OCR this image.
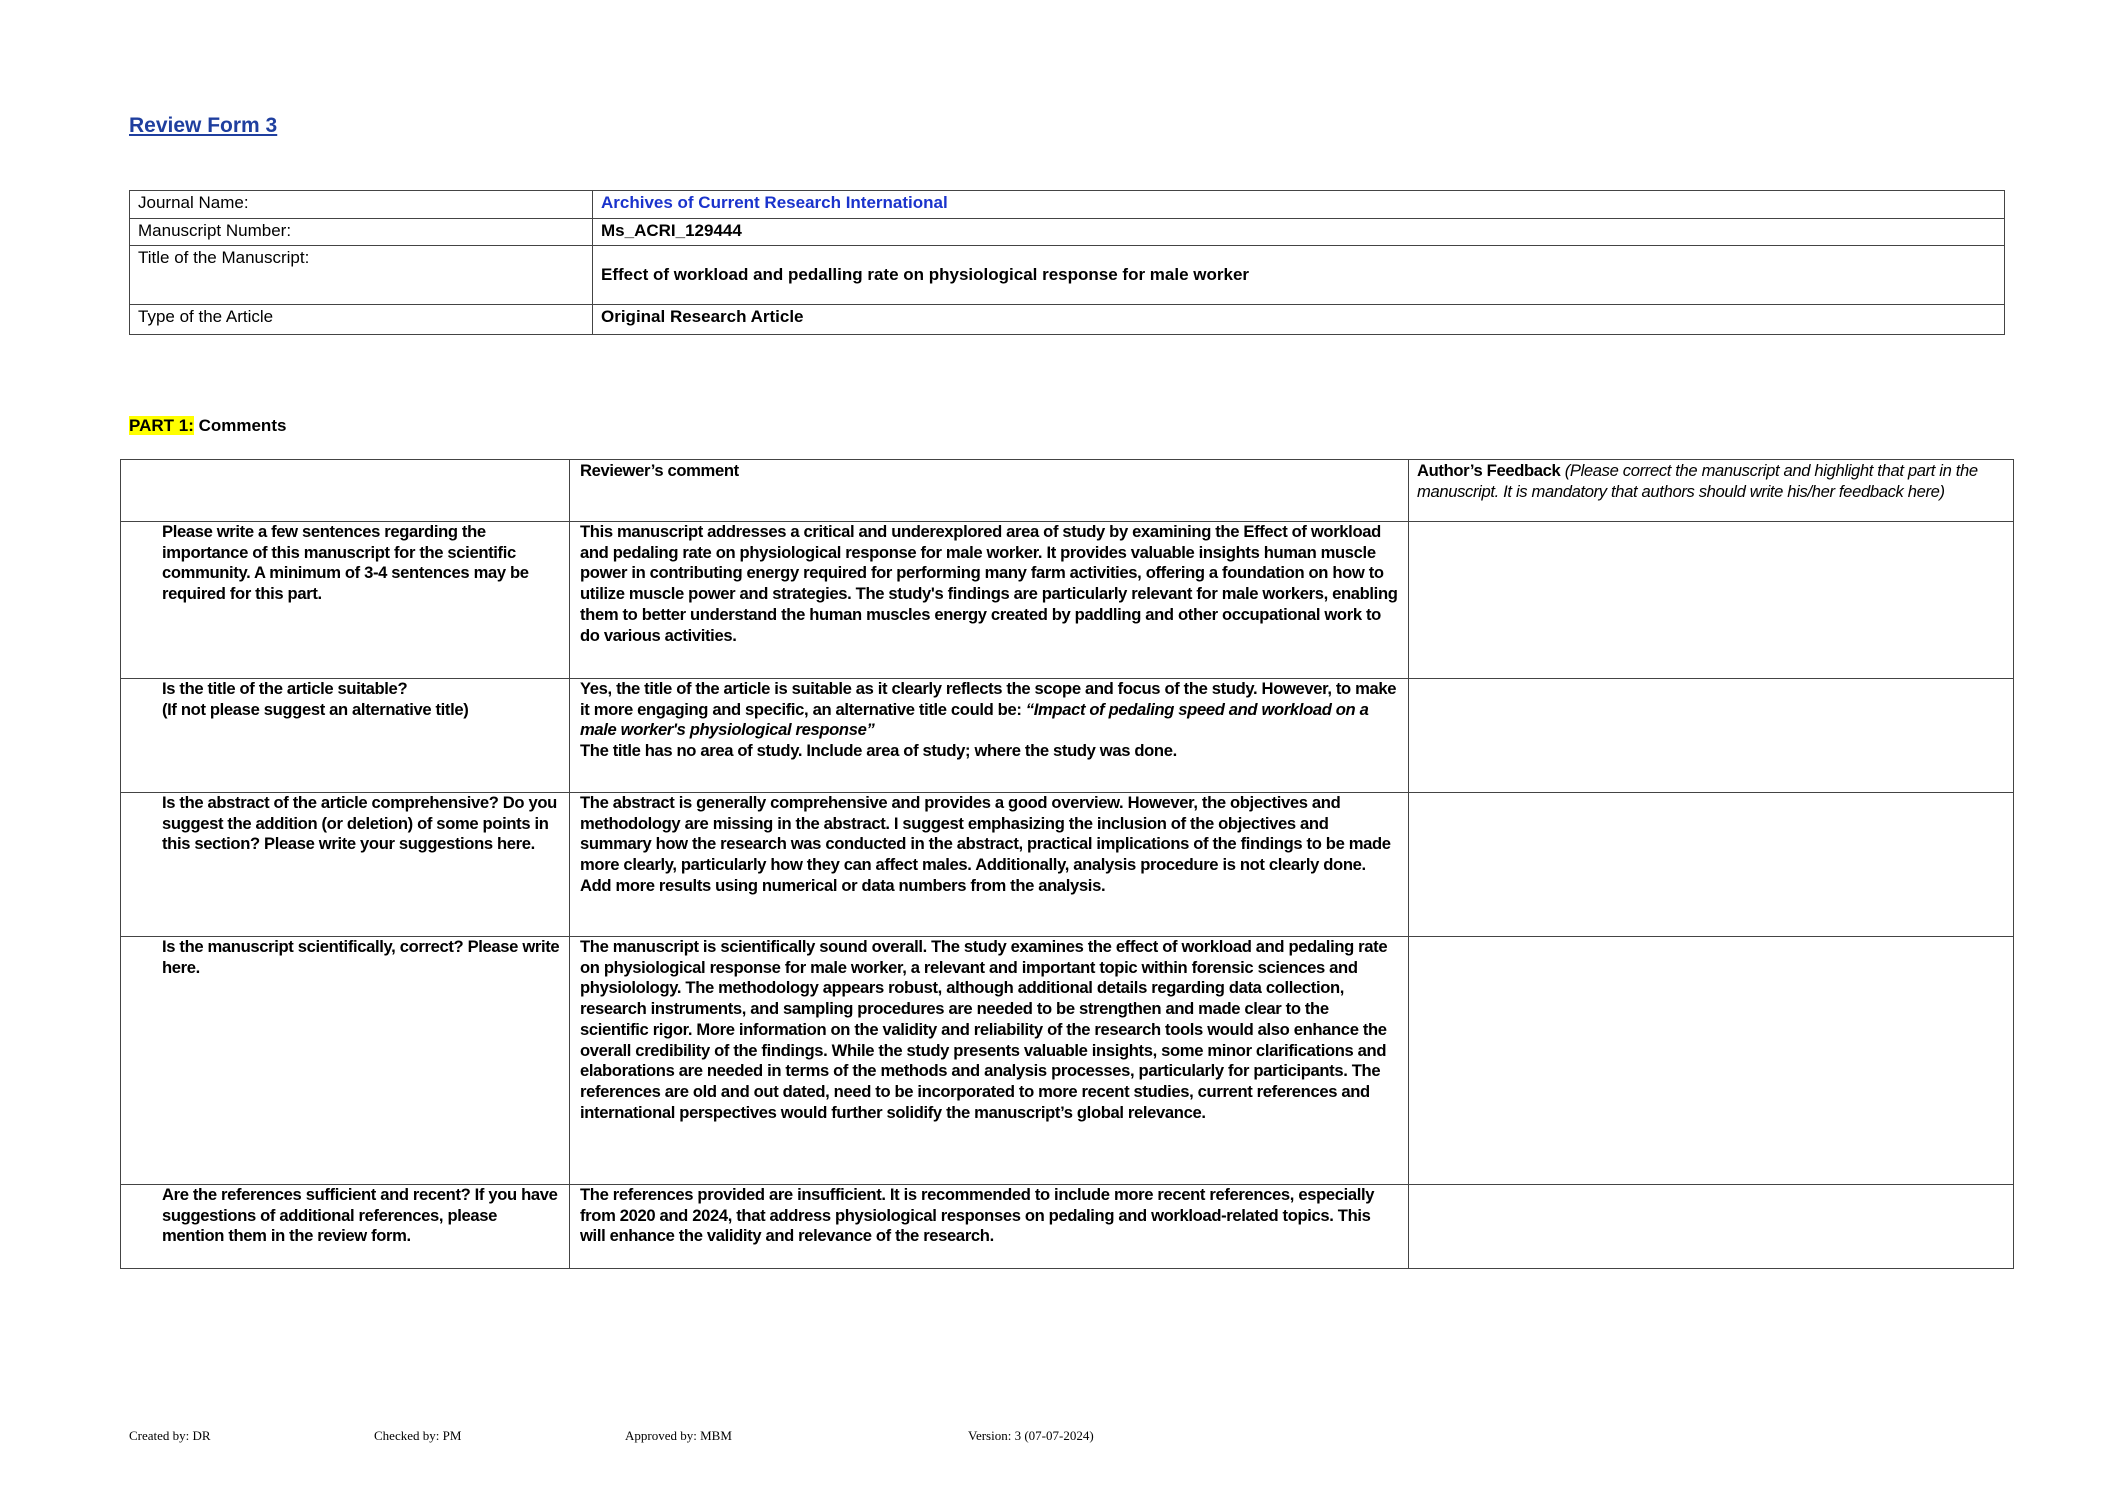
Review Form 3
Journal Name:	Archives of Current Research International
Manuscript Number:	Ms_ACRI_129444
Title of the Manuscript:	Effect of workload and pedalling rate on physiological response for male worker
Type of the Article	Original Research Article
PART 1: Comments
	Reviewer’s comment	Author’s Feedback (Please correct the manuscript and highlight that part in the manuscript. It is mandatory that authors should write his/her feedback here)
Please write a few sentences regarding the importance of this manuscript for the scientific community. A minimum of 3-4 sentences may be required for this part.	This manuscript addresses a critical and underexplored area of study by examining the Effect of workload and pedaling rate on physiological response for male worker. It provides valuable insights human muscle power in contributing energy required for performing many farm activities, offering a foundation on how to utilize muscle power and strategies. The study's findings are particularly relevant for male workers, enabling them to better understand the human muscles energy created by paddling and other occupational work to do various activities.	
Is the title of the article suitable?
(If not please suggest an alternative title)	Yes, the title of the article is suitable as it clearly reflects the scope and focus of the study. However, to make it more engaging and specific, an alternative title could be: “Impact of pedaling speed and workload on a male worker's physiological response”
The title has no area of study. Include area of study; where the study was done.	
Is the abstract of the article comprehensive? Do you suggest the addition (or deletion) of some points in this section? Please write your suggestions here.	The abstract is generally comprehensive and provides a good overview. However, the objectives and methodology are missing in the abstract. I suggest emphasizing the inclusion of the objectives and summary how the research was conducted in the abstract, practical implications of the findings to be made more clearly, particularly how they can affect males. Additionally, analysis procedure is not clearly done. Add more results using numerical or data numbers from the analysis.	
Is the manuscript scientifically, correct? Please write here.	The manuscript is scientifically sound overall. The study examines the effect of workload and pedaling rate on physiological response for male worker, a relevant and important topic within forensic sciences and physiolology. The methodology appears robust, although additional details regarding data collection, research instruments, and sampling procedures are needed to be strengthen and made clear to the scientific rigor. More information on the validity and reliability of the research tools would also enhance the overall credibility of the findings. While the study presents valuable insights, some minor clarifications and elaborations are needed in terms of the methods and analysis processes, particularly for participants. The references are old and out dated, need to be incorporated to more recent studies, current references and international perspectives would further solidify the manuscript’s global relevance.	
Are the references sufficient and recent? If you have suggestions of additional references, please mention them in the review form.	The references provided are insufficient. It is recommended to include more recent references, especially from 2020 and 2024, that address physiological responses on pedaling and workload-related topics. This will enhance the validity and relevance of the research.	
Created by: DR	Checked by: PM	Approved by: MBM	Version: 3 (07-07-2024)
